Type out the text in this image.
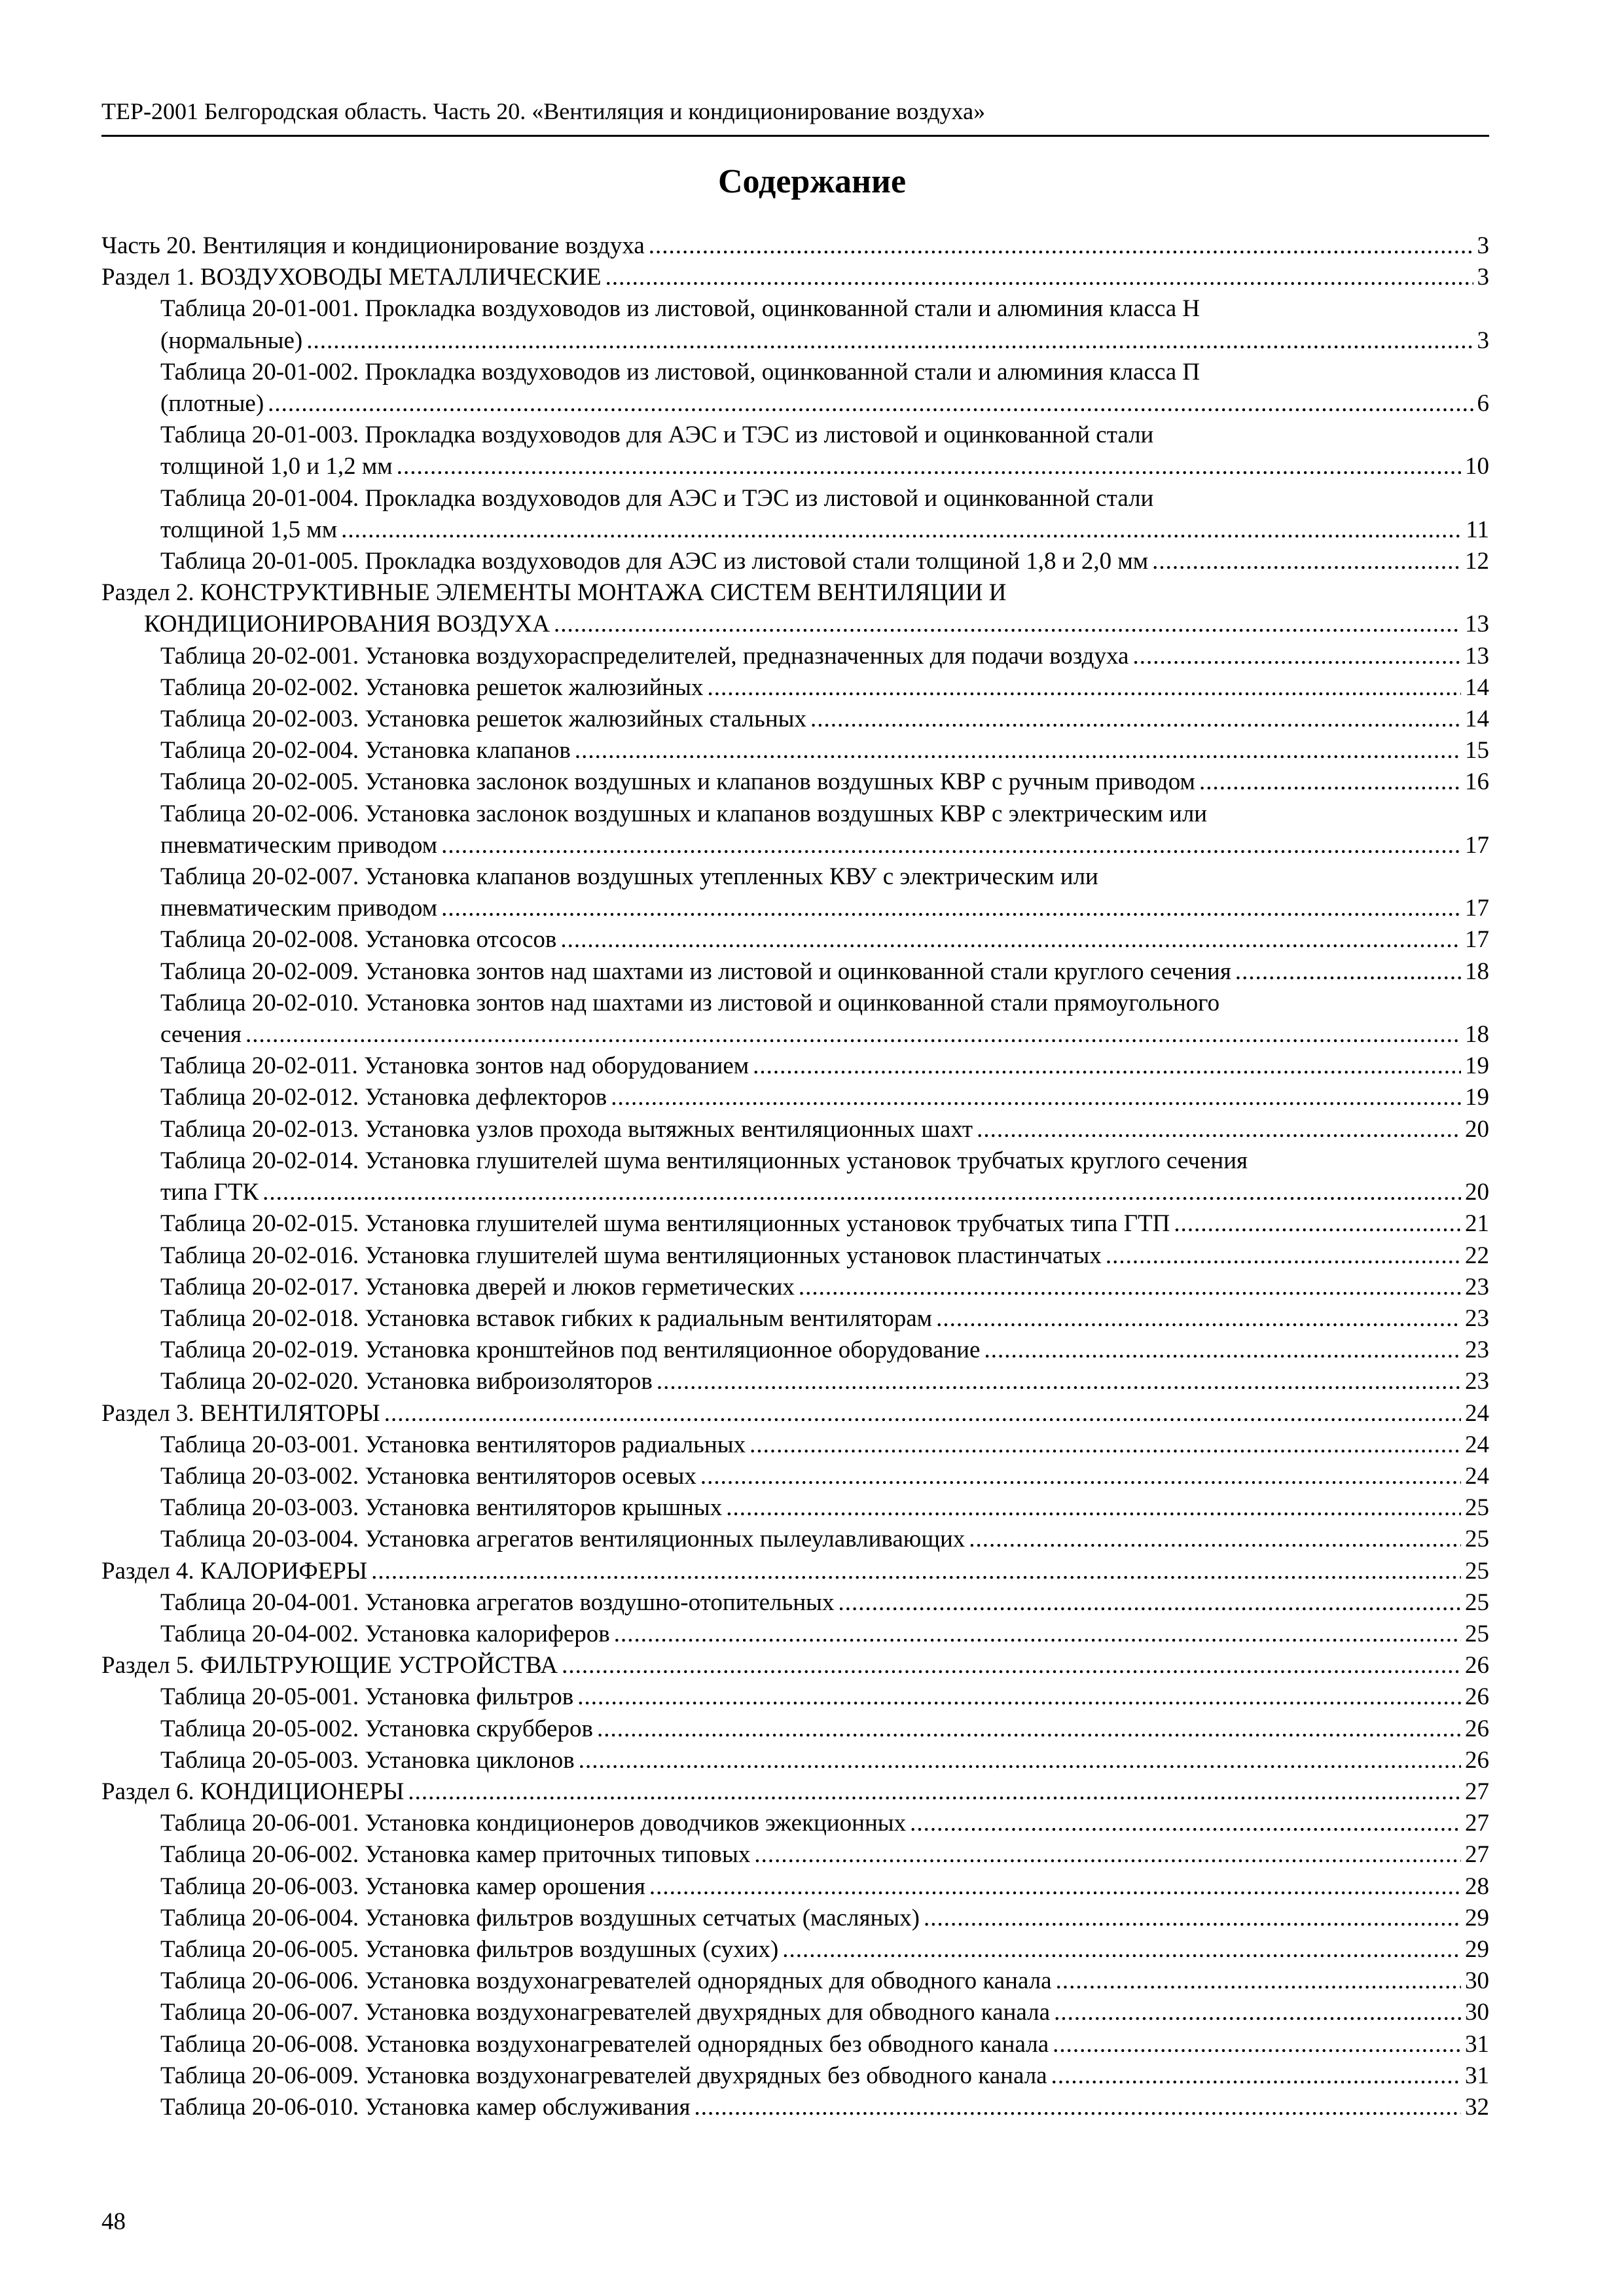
ТЕР-2001 Белгородская область. Часть 20. «Вентиляция и кондиционирование воздуха»
Содержание
Часть 20. Вентиляция и кондиционирование воздуха .....	3
Раздел 1. ВОЗДУХОВОДЫ МЕТАЛЛИЧЕСКИЕ .....	3
Таблица 20-01-001. Прокладка воздуховодов из листовой, оцинкованной стали и алюминия класса Н
(нормальные) .....	3
Таблица 20-01-002. Прокладка воздуховодов из листовой, оцинкованной стали и алюминия класса П
(плотные) .....	6
Таблица 20-01-003. Прокладка воздуховодов для АЭС и ТЭС из листовой и оцинкованной стали
толщиной 1,0 и 1,2 мм .....	10
Таблица 20-01-004. Прокладка воздуховодов для АЭС и ТЭС из листовой и оцинкованной стали
толщиной 1,5 мм .....	11
Таблица 20-01-005. Прокладка воздуховодов для АЭС из листовой стали толщиной 1,8 и 2,0 мм .....	12
Раздел 2. КОНСТРУКТИВНЫЕ ЭЛЕМЕНТЫ МОНТАЖА СИСТЕМ ВЕНТИЛЯЦИИ И
КОНДИЦИОНИРОВАНИЯ ВОЗДУХА .....	13
Таблица 20-02-001. Установка воздухораспределителей, предназначенных для подачи воздуха .....	13
Таблица 20-02-002. Установка решеток жалюзийных .....	14
Таблица 20-02-003. Установка решеток жалюзийных стальных .....	14
Таблица 20-02-004. Установка клапанов .....	15
Таблица 20-02-005. Установка заслонок воздушных и клапанов воздушных КВР с ручным приводом .....	16
Таблица 20-02-006. Установка заслонок воздушных и клапанов воздушных КВР с электрическим или
пневматическим приводом .....	17
Таблица 20-02-007. Установка клапанов воздушных утепленных КВУ с электрическим или
пневматическим приводом .....	17
Таблица 20-02-008. Установка отсосов .....	17
Таблица 20-02-009. Установка зонтов над шахтами из листовой и оцинкованной стали круглого сечения .....	18
Таблица 20-02-010. Установка зонтов над шахтами из листовой и оцинкованной стали прямоугольного
сечения .....	18
Таблица 20-02-011. Установка зонтов над оборудованием .....	19
Таблица 20-02-012. Установка дефлекторов .....	19
Таблица 20-02-013. Установка узлов прохода вытяжных вентиляционных шахт .....	20
Таблица 20-02-014. Установка глушителей шума вентиляционных установок трубчатых круглого сечения
типа ГТК .....	20
Таблица 20-02-015. Установка глушителей шума вентиляционных установок трубчатых типа ГТП .....	21
Таблица 20-02-016. Установка глушителей шума вентиляционных установок пластинчатых .....	22
Таблица 20-02-017. Установка дверей и люков герметических .....	23
Таблица 20-02-018. Установка вставок гибких к радиальным вентиляторам .....	23
Таблица 20-02-019. Установка кронштейнов под вентиляционное оборудование .....	23
Таблица 20-02-020. Установка виброизоляторов .....	23
Раздел 3. ВЕНТИЛЯТОРЫ .....	24
Таблица 20-03-001. Установка вентиляторов радиальных .....	24
Таблица 20-03-002. Установка вентиляторов осевых .....	24
Таблица 20-03-003. Установка вентиляторов крышных .....	25
Таблица 20-03-004. Установка агрегатов вентиляционных пылеулавливающих .....	25
Раздел 4. КАЛОРИФЕРЫ .....	25
Таблица 20-04-001. Установка агрегатов воздушно-отопительных .....	25
Таблица 20-04-002. Установка калориферов .....	25
Раздел 5. ФИЛЬТРУЮЩИЕ УСТРОЙСТВА .....	26
Таблица 20-05-001. Установка фильтров .....	26
Таблица 20-05-002. Установка скрубберов .....	26
Таблица 20-05-003. Установка циклонов .....	26
Раздел 6. КОНДИЦИОНЕРЫ .....	27
Таблица 20-06-001. Установка кондиционеров доводчиков эжекционных .....	27
Таблица 20-06-002. Установка камер приточных типовых .....	27
Таблица 20-06-003. Установка камер орошения .....	28
Таблица 20-06-004. Установка фильтров воздушных сетчатых (масляных) .....	29
Таблица 20-06-005. Установка фильтров воздушных (сухих) .....	29
Таблица 20-06-006. Установка воздухонагревателей однорядных для обводного канала .....	30
Таблица 20-06-007. Установка воздухонагревателей двухрядных для обводного канала .....	30
Таблица 20-06-008. Установка воздухонагревателей однорядных без обводного канала .....	31
Таблица 20-06-009. Установка воздухонагревателей двухрядных без обводного канала .....	31
Таблица 20-06-010. Установка камер обслуживания .....	32
48
